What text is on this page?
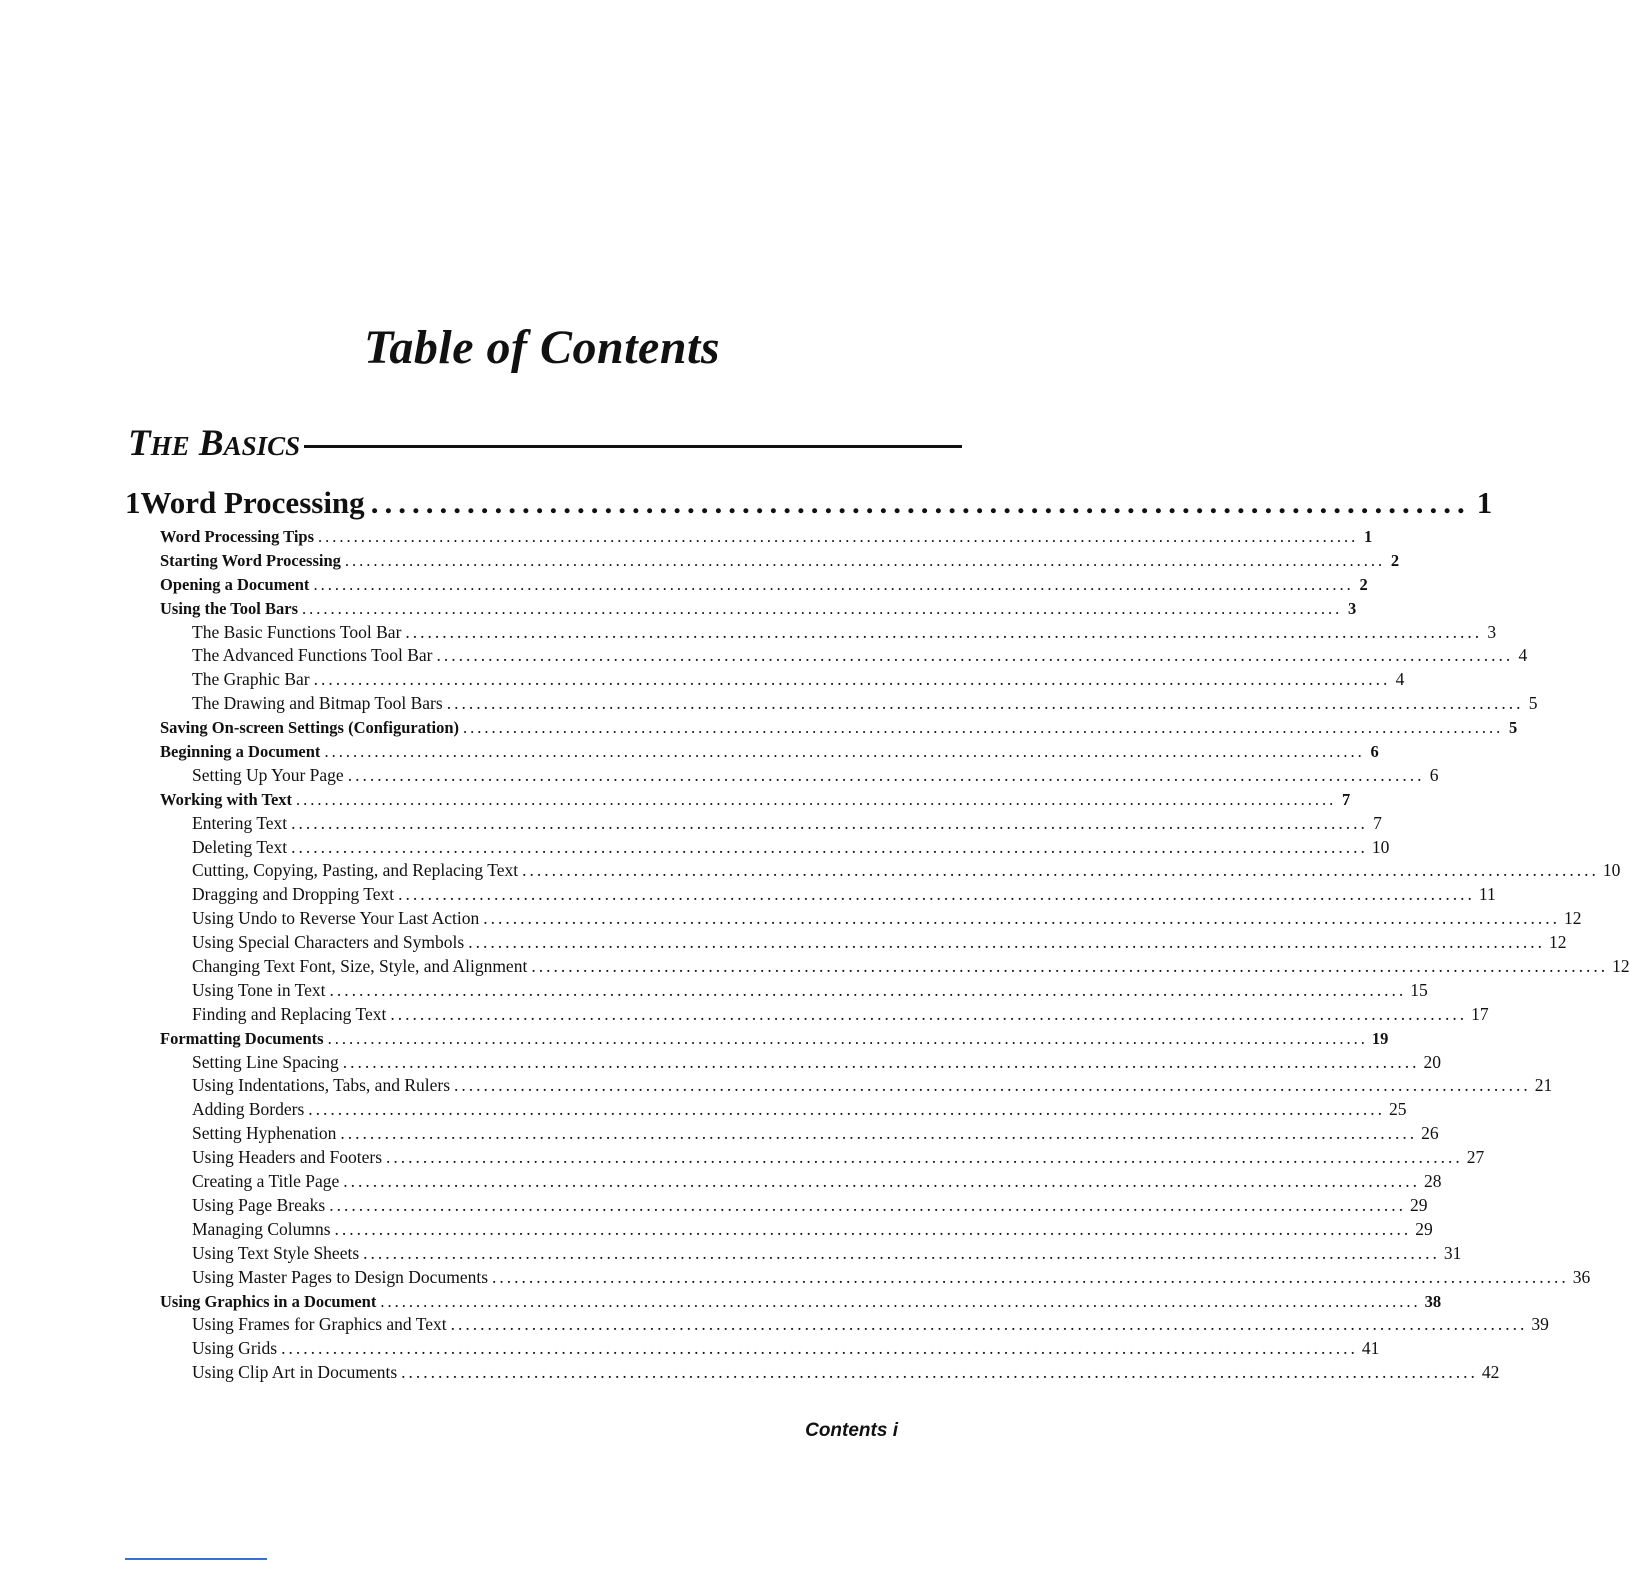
Table of Contents
THE BASICS
1 Word Processing ................................................................................ 1
Word Processing Tips .................................................................................................................................................. 1
Starting Word Processing .................................................................................................................................................. 2
Opening a Document .................................................................................................................................................. 2
Using the Tool Bars .................................................................................................................................................. 3
The Basic Functions Tool Bar .................................................................................................................................................. 3
The Advanced Functions Tool Bar .................................................................................................................................................. 4
The Graphic Bar .................................................................................................................................................. 4
The Drawing and Bitmap Tool Bars .................................................................................................................................................. 5
Saving On-screen Settings (Configuration) .................................................................................................................................................. 5
Beginning a Document .................................................................................................................................................. 6
Setting Up Your Page .................................................................................................................................................. 6
Working with Text .................................................................................................................................................. 7
Entering Text .................................................................................................................................................. 7
Deleting Text .................................................................................................................................................. 10
Cutting, Copying, Pasting, and Replacing Text .................................................................................................................................................. 10
Dragging and Dropping Text .................................................................................................................................................. 11
Using Undo to Reverse Your Last Action .................................................................................................................................................. 12
Using Special Characters and Symbols .................................................................................................................................................. 12
Changing Text Font, Size, Style, and Alignment .................................................................................................................................................. 12
Using Tone in Text .................................................................................................................................................. 15
Finding and Replacing Text .................................................................................................................................................. 17
Formatting Documents .................................................................................................................................................. 19
Setting Line Spacing .................................................................................................................................................. 20
Using Indentations, Tabs, and Rulers .................................................................................................................................................. 21
Adding Borders .................................................................................................................................................. 25
Setting Hyphenation .................................................................................................................................................. 26
Using Headers and Footers .................................................................................................................................................. 27
Creating a Title Page .................................................................................................................................................. 28
Using Page Breaks .................................................................................................................................................. 29
Managing Columns .................................................................................................................................................. 29
Using Text Style Sheets .................................................................................................................................................. 31
Using Master Pages to Design Documents .................................................................................................................................................. 36
Using Graphics in a Document .................................................................................................................................................. 38
Using Frames for Graphics and Text .................................................................................................................................................. 39
Using Grids .................................................................................................................................................. 41
Using Clip Art in Documents .................................................................................................................................................. 42
Contents i
